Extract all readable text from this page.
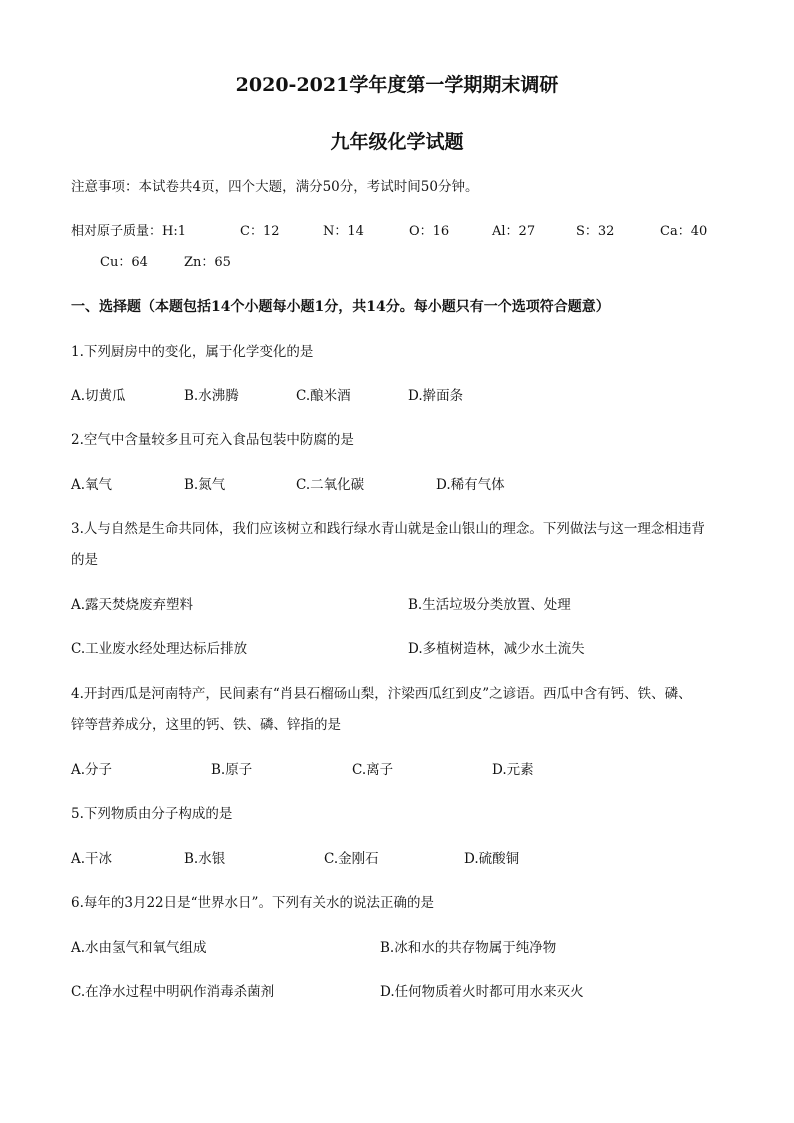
2020-2021学年度第一学期期末调研
九年级化学试题
注意事项：本试卷共4页，四个大题，满分50分，考试时间50分钟。
相对原子质量：H:1	C：12	N：14	O：16	Al：27	S：32	Ca：40
Cu：64	Zn：65
一、选择题（本题包括14个小题每小题1分，共14分。每小题只有一个选项符合题意）
1.下列厨房中的变化，属于化学变化的是
A.切黄瓜	B.水沸腾	C.酿米酒	D.擀面条
2.空气中含量较多且可充入食品包装中防腐的是
A.氧气	B.氮气	C.二氧化碳	D.稀有气体
3.人与自然是生命共同体，我们应该树立和践行绿水青山就是金山银山的理念。下列做法与这一理念相违背
的是
A.露天焚烧废弃塑料	B.生活垃圾分类放置、处理
C.工业废水经处理达标后排放	D.多植树造林，减少水土流失
4.开封西瓜是河南特产，民间素有“肖县石榴砀山梨，汴梁西瓜红到皮”之谚语。西瓜中含有钙、铁、磷、
锌等营养成分，这里的钙、铁、磷、锌指的是
A.分子	B.原子	C.离子	D.元素
5.下列物质由分子构成的是
A.干冰	B.水银	C.金刚石	D.硫酸铜
6.每年的3月22日是“世界水日”。下列有关水的说法正确的是
A.水由氢气和氧气组成	B.冰和水的共存物属于纯净物
C.在净水过程中明矾作消毒杀菌剂	D.任何物质着火时都可用水来灭火
